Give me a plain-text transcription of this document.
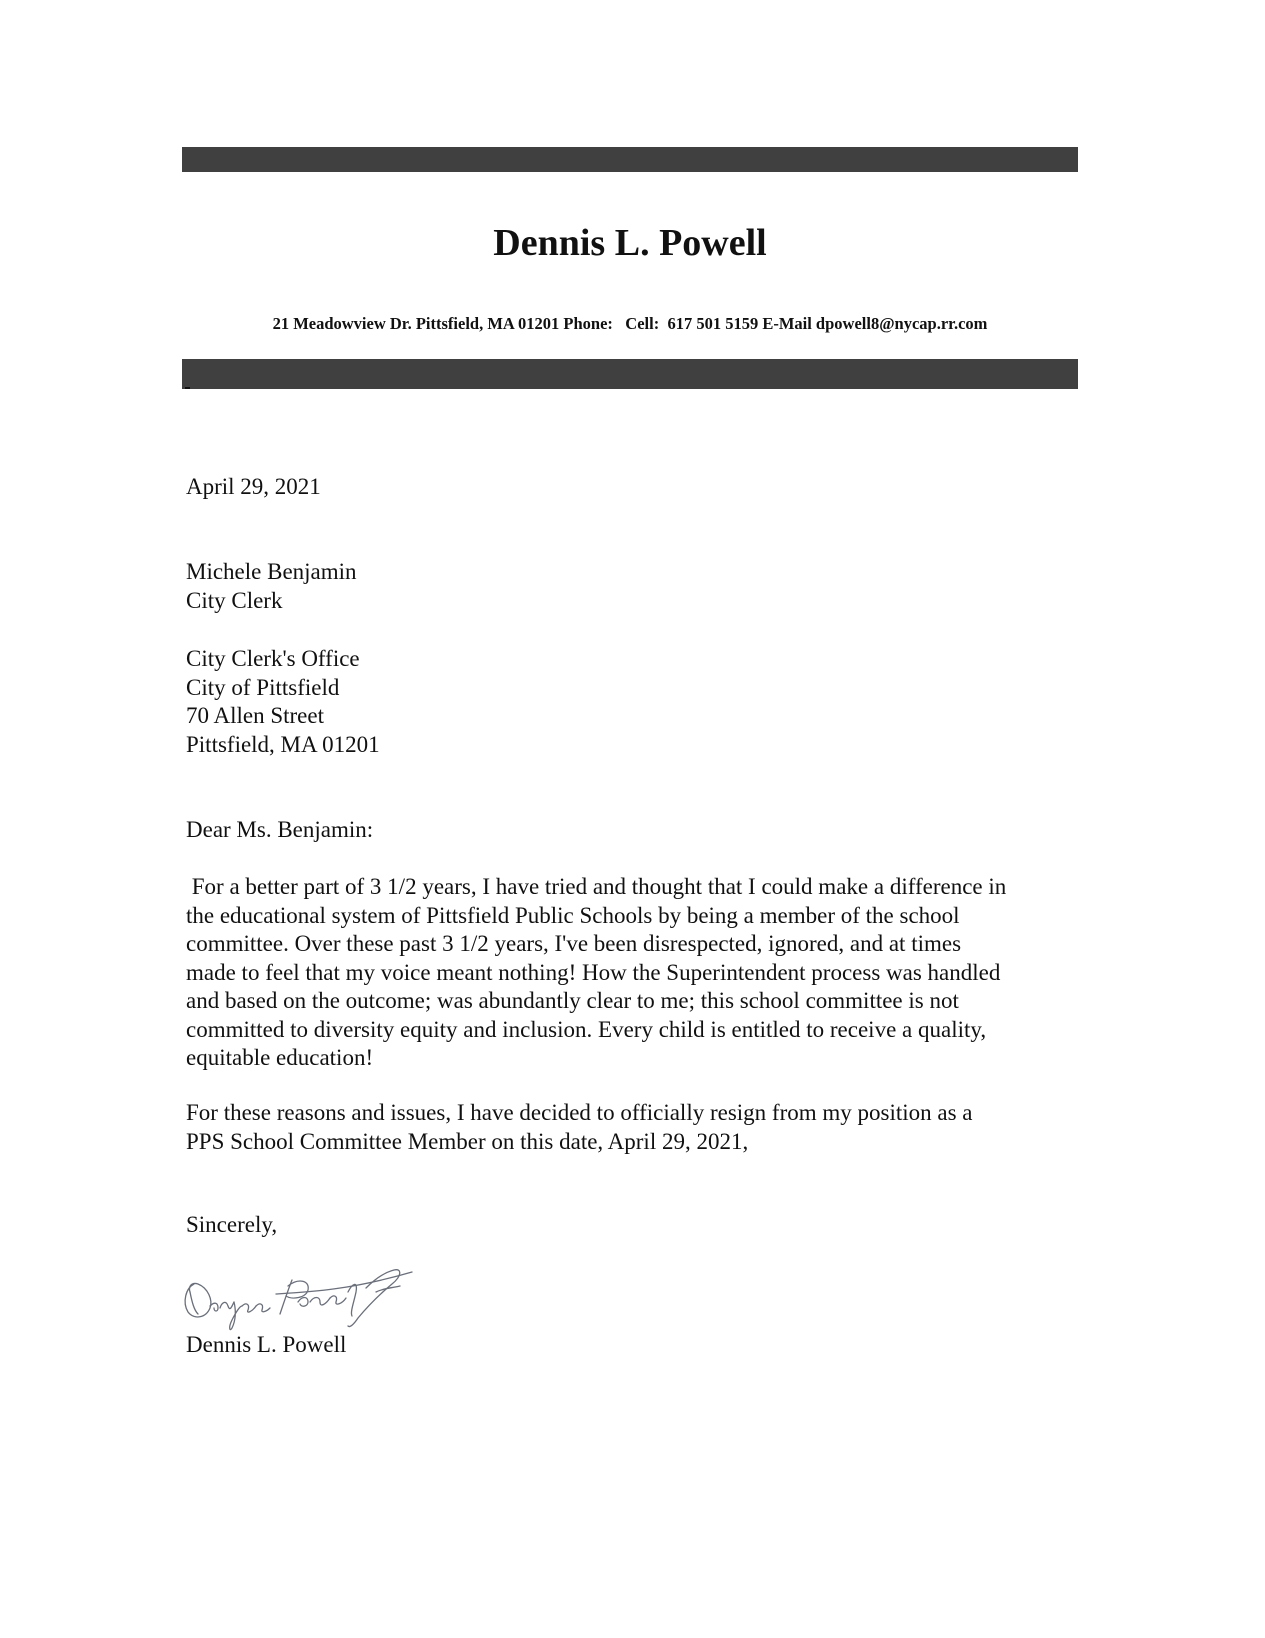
Dennis L. Powell
21 Meadowview Dr. Pittsfield, MA 01201 Phone:   Cell:  617 501 5159 E-Mail dpowell8@nycap.rr.com
April 29, 2021
Michele Benjamin
City Clerk
City Clerk's Office
City of Pittsfield
70 Allen Street
Pittsfield, MA 01201
Dear Ms. Benjamin:
For a better part of 3 1/2 years, I have tried and thought that I could make a difference in
the educational system of Pittsfield Public Schools by being a member of the school
committee. Over these past 3 1/2 years, I've been disrespected, ignored, and at times
made to feel that my voice meant nothing! How the Superintendent process was handled
and based on the outcome; was abundantly clear to me; this school committee is not
committed to diversity equity and inclusion. Every child is entitled to receive a quality,
equitable education!
For these reasons and issues, I have decided to officially resign from my position as a
PPS School Committee Member on this date, April 29, 2021,
Sincerely,
Dennis L. Powell
